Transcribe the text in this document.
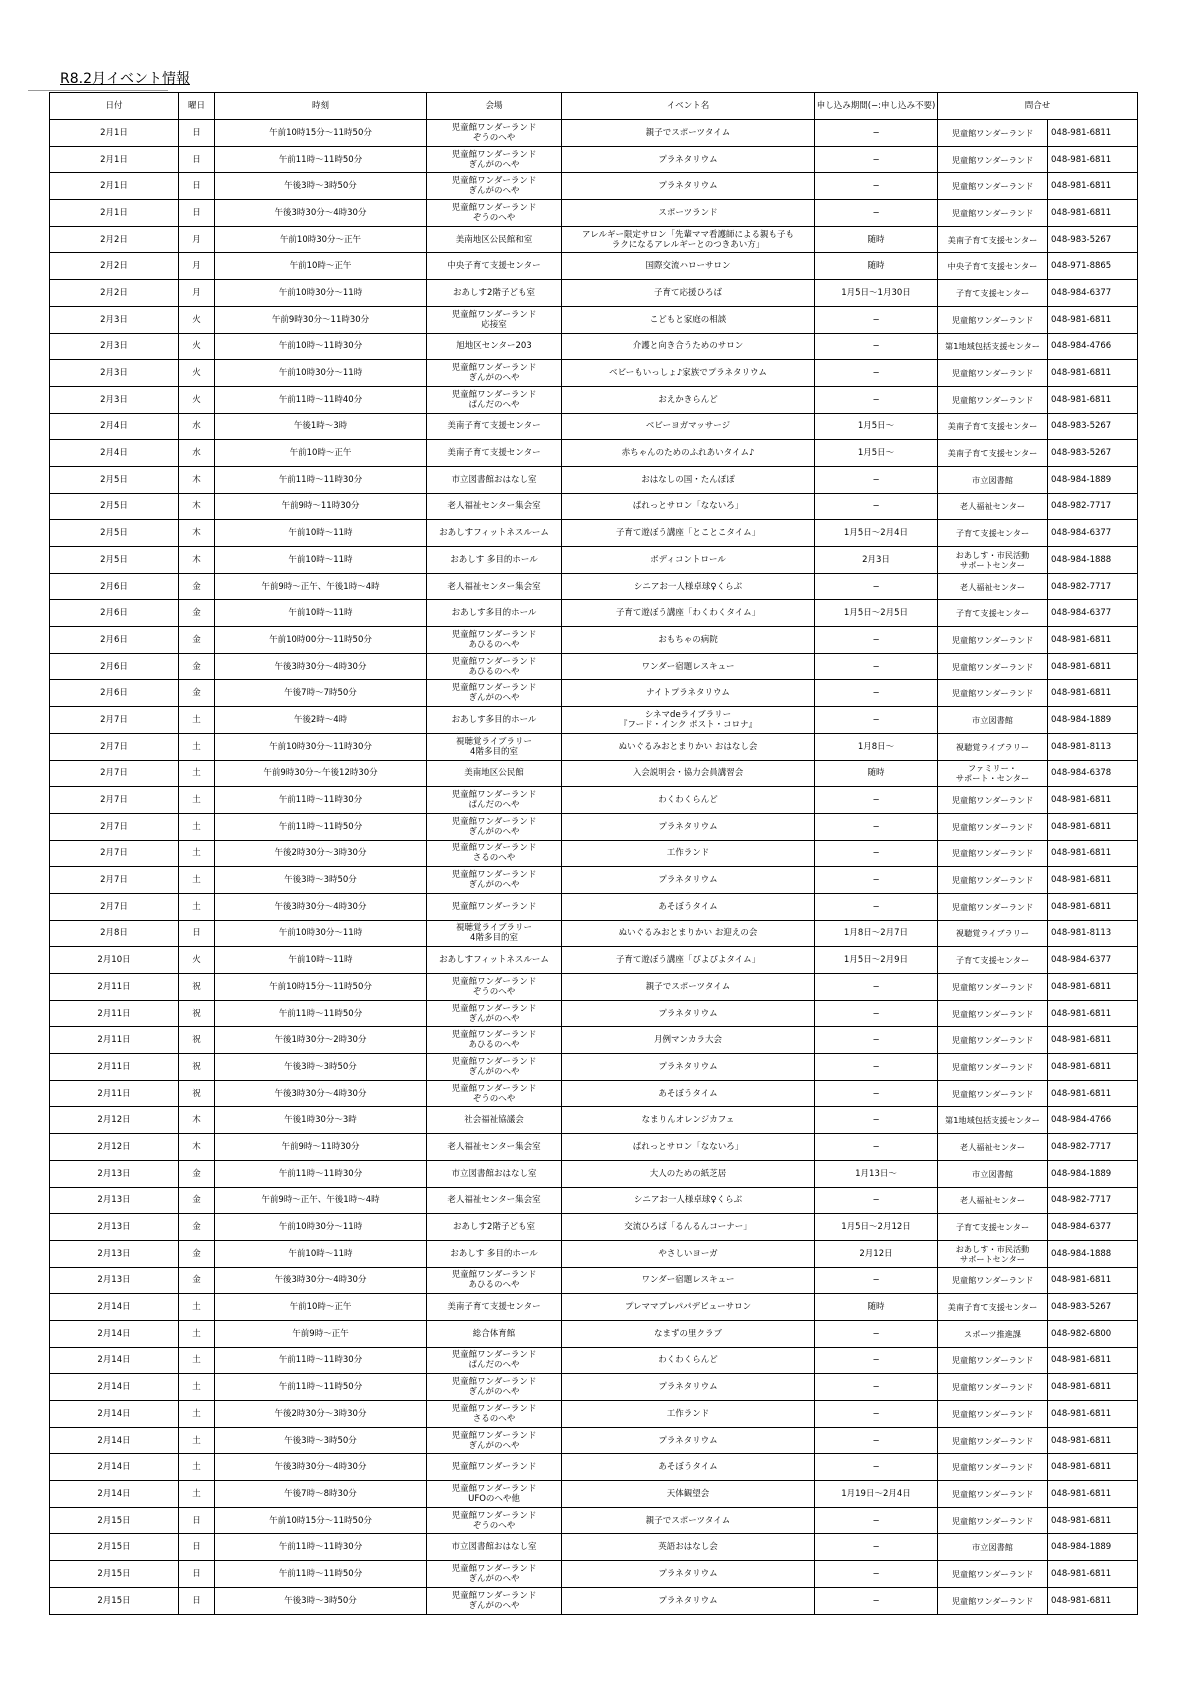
R8.2月イベント情報
日付	曜日	時刻	会場	イベント名	申し込み期間(−:申し込み不要)	問合せ	

2月1日	日	午前10時15分～11時50分	児童館ワンダーランド
ぞうのへや	親子でスポーツタイム	−	児童館ワンダーランド	048-981-6811

2月1日	日	午前11時～11時50分	児童館ワンダーランド
ぎんがのへや	プラネタリウム	−	児童館ワンダーランド	048-981-6811

2月1日	日	午後3時～3時50分	児童館ワンダーランド
ぎんがのへや	プラネタリウム	−	児童館ワンダーランド	048-981-6811

2月1日	日	午後3時30分～4時30分	児童館ワンダーランド
ぞうのへや	スポーツランド	−	児童館ワンダーランド	048-981-6811

2月2日	月	午前10時30分～正午	美南地区公民館和室	アレルギー限定サロン「先輩ママ看護師による親も子も
ラクになるアレルギーとのつきあい方」	随時	美南子育て支援センター	048-983-5267

2月2日	月	午前10時～正午	中央子育て支援センター	国際交流ハローサロン	随時	中央子育て支援センター	048-971-8865

2月2日	月	午前10時30分～11時	おあしす2階子ども室	子育て応援ひろば	1月5日～1月30日	子育て支援センター	048-984-6377

2月3日	火	午前9時30分～11時30分	児童館ワンダーランド
応接室	こどもと家庭の相談	−	児童館ワンダーランド	048-981-6811

2月3日	火	午前10時～11時30分	旭地区センター203	介護と向き合うためのサロン	−	第1地域包括支援センター	048-984-4766

2月3日	火	午前10時30分～11時	児童館ワンダーランド
ぎんがのへや	ベビーもいっしょ♪家族でプラネタリウム	−	児童館ワンダーランド	048-981-6811

2月3日	火	午前11時～11時40分	児童館ワンダーランド
ぱんだのへや	おえかきらんど	−	児童館ワンダーランド	048-981-6811

2月4日	水	午後1時～3時	美南子育て支援センター	ベビーヨガマッサージ	1月5日～	美南子育て支援センター	048-983-5267

2月4日	水	午前10時～正午	美南子育て支援センター	赤ちゃんのためのふれあいタイム♪	1月5日～	美南子育て支援センター	048-983-5267

2月5日	木	午前11時～11時30分	市立図書館おはなし室	おはなしの国・たんぽぽ	−	市立図書館	048-984-1889

2月5日	木	午前9時～11時30分	老人福祉センター集会室	ぱれっとサロン「なないろ」	−	老人福祉センター	048-982-7717

2月5日	木	午前10時～11時	おあしすフィットネスルーム	子育て遊ぼう講座「とことこタイム」	1月5日～2月4日	子育て支援センター	048-984-6377

2月5日	木	午前10時～11時	おあしす 多目的ホール	ボディコントロール	2月3日	おあしす・市民活動
サポートセンター	048-984-1888

2月6日	金	午前9時～正午、午後1時～4時	老人福祉センター集会室	シニアお一人様卓球♀くらぶ	−	老人福祉センター	048-982-7717

2月6日	金	午前10時～11時	おあしす多目的ホール	子育て遊ぼう講座「わくわくタイム」	1月5日～2月5日	子育て支援センター	048-984-6377

2月6日	金	午前10時00分～11時50分	児童館ワンダーランド
あひるのへや	おもちゃの病院	−	児童館ワンダーランド	048-981-6811

2月6日	金	午後3時30分～4時30分	児童館ワンダーランド
あひるのへや	ワンダー宿題レスキュー	−	児童館ワンダーランド	048-981-6811

2月6日	金	午後7時～7時50分	児童館ワンダーランド
ぎんがのへや	ナイトプラネタリウム	−	児童館ワンダーランド	048-981-6811

2月7日	土	午後2時～4時	おあしす多目的ホール	シネマdeライブラリー
『フード・インク ポスト・コロナ』	−	市立図書館	048-984-1889

2月7日	土	午前10時30分～11時30分	視聴覚ライブラリー
4階多目的室	ぬいぐるみおとまりかい おはなし会	1月8日～	視聴覚ライブラリー	048-981-8113

2月7日	土	午前9時30分～午後12時30分	美南地区公民館	入会説明会・協力会員講習会	随時	ファミリー・
サポート・センター	048-984-6378

2月7日	土	午前11時～11時30分	児童館ワンダーランド
ぱんだのへや	わくわくらんど	−	児童館ワンダーランド	048-981-6811

2月7日	土	午前11時～11時50分	児童館ワンダーランド
ぎんがのへや	プラネタリウム	−	児童館ワンダーランド	048-981-6811

2月7日	土	午後2時30分～3時30分	児童館ワンダーランド
さるのへや	工作ランド	−	児童館ワンダーランド	048-981-6811

2月7日	土	午後3時～3時50分	児童館ワンダーランド
ぎんがのへや	プラネタリウム	−	児童館ワンダーランド	048-981-6811

2月7日	土	午後3時30分～4時30分	児童館ワンダーランド	あそぼうタイム	−	児童館ワンダーランド	048-981-6811

2月8日	日	午前10時30分～11時	視聴覚ライブラリー
4階多目的室	ぬいぐるみおとまりかい お迎えの会	1月8日～2月7日	視聴覚ライブラリー	048-981-8113

2月10日	火	午前10時～11時	おあしすフィットネスルーム	子育て遊ぼう講座「ぴよぴよタイム」	1月5日～2月9日	子育て支援センター	048-984-6377

2月11日	祝	午前10時15分～11時50分	児童館ワンダーランド
ぞうのへや	親子でスポーツタイム	−	児童館ワンダーランド	048-981-6811

2月11日	祝	午前11時～11時50分	児童館ワンダーランド
ぎんがのへや	プラネタリウム	−	児童館ワンダーランド	048-981-6811

2月11日	祝	午後1時30分～2時30分	児童館ワンダーランド
あひるのへや	月例マンカラ大会	−	児童館ワンダーランド	048-981-6811

2月11日	祝	午後3時～3時50分	児童館ワンダーランド
ぎんがのへや	プラネタリウム	−	児童館ワンダーランド	048-981-6811

2月11日	祝	午後3時30分～4時30分	児童館ワンダーランド
ぞうのへや	あそぼうタイム	−	児童館ワンダーランド	048-981-6811

2月12日	木	午後1時30分～3時	社会福祉協議会	なまりんオレンジカフェ	−	第1地域包括支援センター	048-984-4766

2月12日	木	午前9時～11時30分	老人福祉センター集会室	ぱれっとサロン「なないろ」	−	老人福祉センター	048-982-7717

2月13日	金	午前11時～11時30分	市立図書館おはなし室	大人のための紙芝居	1月13日～	市立図書館	048-984-1889

2月13日	金	午前9時～正午、午後1時～4時	老人福祉センター集会室	シニアお一人様卓球♀くらぶ	−	老人福祉センター	048-982-7717

2月13日	金	午前10時30分～11時	おあしす2階子ども室	交流ひろば「るんるんコーナー」	1月5日～2月12日	子育て支援センター	048-984-6377

2月13日	金	午前10時～11時	おあしす 多目的ホール	やさしいヨーガ	2月12日	おあしす・市民活動
サポートセンター	048-984-1888

2月13日	金	午後3時30分～4時30分	児童館ワンダーランド
あひるのへや	ワンダー宿題レスキュー	−	児童館ワンダーランド	048-981-6811

2月14日	土	午前10時～正午	美南子育て支援センター	プレママプレパパデビューサロン	随時	美南子育て支援センター	048-983-5267

2月14日	土	午前9時～正午	総合体育館	なまずの里クラブ	−	スポーツ推進課	048-982-6800

2月14日	土	午前11時～11時30分	児童館ワンダーランド
ぱんだのへや	わくわくらんど	−	児童館ワンダーランド	048-981-6811

2月14日	土	午前11時～11時50分	児童館ワンダーランド
ぎんがのへや	プラネタリウム	−	児童館ワンダーランド	048-981-6811

2月14日	土	午後2時30分～3時30分	児童館ワンダーランド
さるのへや	工作ランド	−	児童館ワンダーランド	048-981-6811

2月14日	土	午後3時～3時50分	児童館ワンダーランド
ぎんがのへや	プラネタリウム	−	児童館ワンダーランド	048-981-6811

2月14日	土	午後3時30分～4時30分	児童館ワンダーランド	あそぼうタイム	−	児童館ワンダーランド	048-981-6811

2月14日	土	午後7時～8時30分	児童館ワンダーランド
UFOのへや他	天体観望会	1月19日～2月4日	児童館ワンダーランド	048-981-6811

2月15日	日	午前10時15分～11時50分	児童館ワンダーランド
ぞうのへや	親子でスポーツタイム	−	児童館ワンダーランド	048-981-6811

2月15日	日	午前11時～11時30分	市立図書館おはなし室	英語おはなし会	−	市立図書館	048-984-1889

2月15日	日	午前11時～11時50分	児童館ワンダーランド
ぎんがのへや	プラネタリウム	−	児童館ワンダーランド	048-981-6811

2月15日	日	午後3時～3時50分	児童館ワンダーランド
ぎんがのへや	プラネタリウム	−	児童館ワンダーランド	048-981-6811
